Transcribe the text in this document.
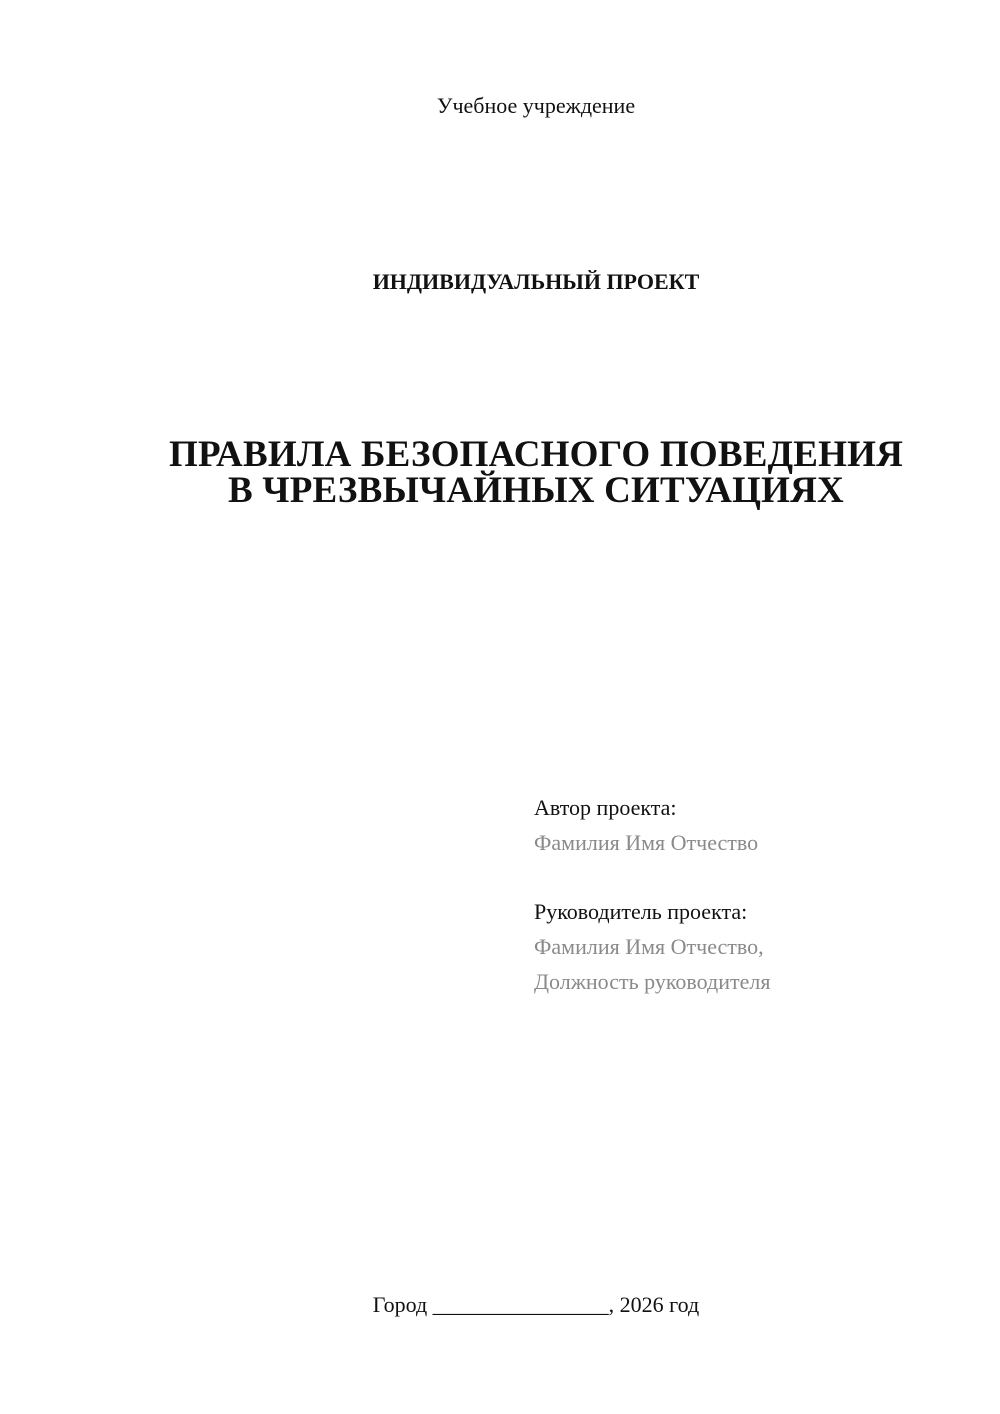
Учебное учреждение
ИНДИВИДУАЛЬНЫЙ ПРОЕКТ
ПРАВИЛА БЕЗОПАСНОГО ПОВЕДЕНИЯ
В ЧРЕЗВЫЧАЙНЫХ СИТУАЦИЯХ
Автор проекта:
Фамилия Имя Отчество
Руководитель проекта:
Фамилия Имя Отчество,
Должность руководителя
Город ________________, 2026 год
